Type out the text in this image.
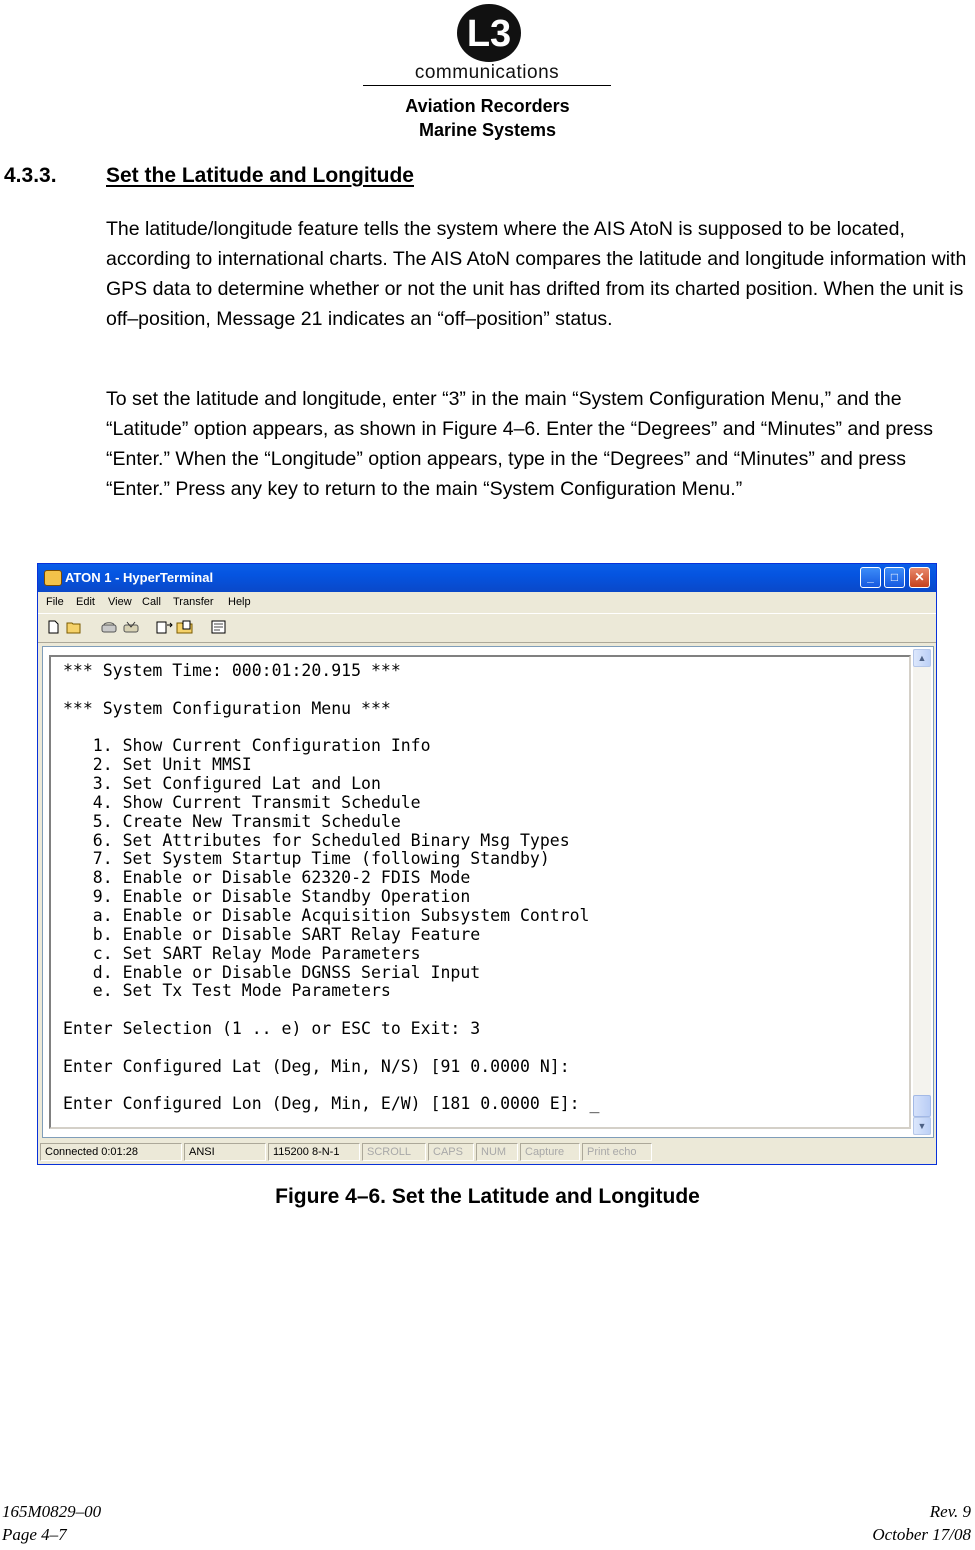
L3
communications
Aviation Recorders
Marine Systems
4.3.3. Set the Latitude and Longitude

The latitude/longitude feature tells the system where the AIS AtoN is supposed to be located, according to international charts. The AIS AtoN compares the latitude and longitude information with GPS data to determine whether or not the unit has drifted from its charted position. When the unit is off–position, Message 21 indicates an “off–position” status.

To set the latitude and longitude, enter “3” in the main “System Configuration Menu,” and the “Latitude” option appears, as shown in Figure 4–6. Enter the “Degrees” and “Minutes” and press “Enter.” When the “Longitude” option appears, type in the “Degrees” and “Minutes” and press “Enter.” Press any key to return to the main “System Configuration Menu.”

ATON 1 - HyperTerminal	_	□	✕
File Edit View Call Transfer Help
*** System Time: 000:01:20.915 ***

*** System Configuration Menu ***

1. Show Current Configuration Info
2. Set Unit MMSI
3. Set Configured Lat and Lon
4. Show Current Transmit Schedule
5. Create New Transmit Schedule
6. Set Attributes for Scheduled Binary Msg Types
7. Set System Startup Time (following Standby)
8. Enable or Disable 62320-2 FDIS Mode
9. Enable or Disable Standby Operation
a. Enable or Disable Acquisition Subsystem Control
b. Enable or Disable SART Relay Feature
c. Set SART Relay Mode Parameters
d. Enable or Disable DGNSS Serial Input
e. Set Tx Test Mode Parameters

Enter Selection (1 .. e) or ESC to Exit: 3

Enter Configured Lat (Deg, Min, N/S) [91 0.0000 N]:

Enter Configured Lon (Deg, Min, E/W) [181 0.0000 E]: _
▲
▼
Connected 0:01:28	ANSI	115200 8-N-1	SCROLL	CAPS	NUM	Capture	Print echo
Figure 4–6. Set the Latitude and Longitude
165M0829–00
Page 4–7
Rev. 9
October 17/08
